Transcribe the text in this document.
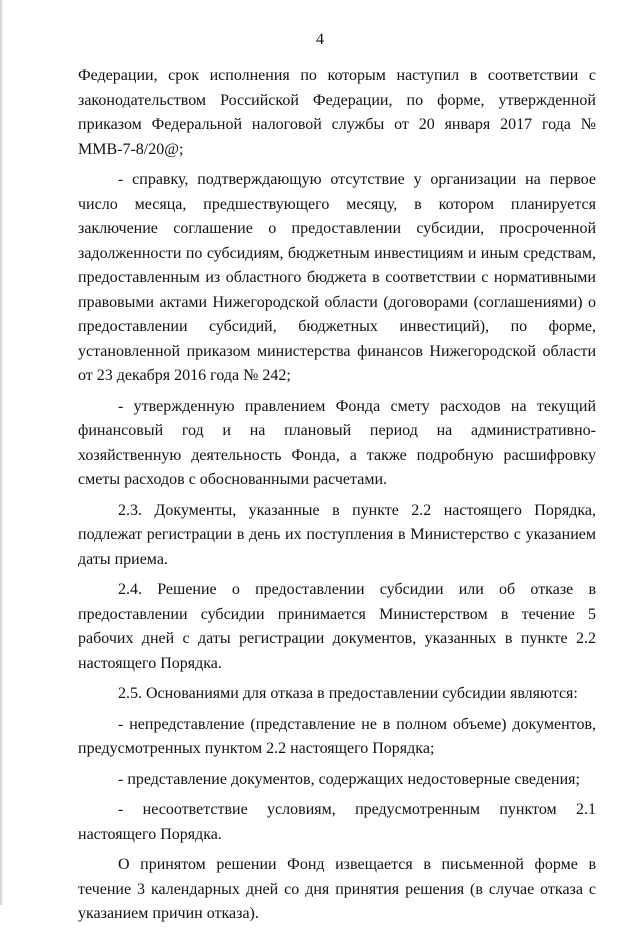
4

Федерации, срок исполнения по которым наступил в соответствии с законодательством Российской Федерации, по форме, утвержденной приказом Федеральной налоговой службы от 20 января 2017 года № ММВ-7-8/20@;

- справку, подтверждающую отсутствие у организации на первое число месяца, предшествующего месяцу, в котором планируется заключение соглашение о предоставлении субсидии, просроченной задолженности по субсидиям, бюджетным инвестициям и иным средствам, предоставленным из областного бюджета в соответствии с нормативными правовыми актами Нижегородской области (договорами (соглашениями) о предоставлении субсидий, бюджетных инвестиций), по форме, установленной приказом министерства финансов Нижегородской области от 23 декабря 2016 года № 242;

- утвержденную правлением Фонда смету расходов на текущий финансовый год и на плановый период на административно-хозяйственную деятельность Фонда, а также подробную расшифровку сметы расходов с обоснованными расчетами.

2.3. Документы, указанные в пункте 2.2 настоящего Порядка, подлежат регистрации в день их поступления в Министерство с указанием даты приема.

2.4. Решение о предоставлении субсидии или об отказе в предоставлении субсидии принимается Министерством в течение 5 рабочих дней с даты регистрации документов, указанных в пункте 2.2 настоящего Порядка.

2.5. Основаниями для отказа в предоставлении субсидии являются:

- непредставление (представление не в полном объеме) документов, предусмотренных пунктом 2.2 настоящего Порядка;

- представление документов, содержащих недостоверные сведения;

- несоответствие условиям, предусмотренным пунктом 2.1 настоящего Порядка.

О принятом решении Фонд извещается в письменной форме в течение 3 календарных дней со дня принятия решения (в случае отказа с указанием причин отказа).
